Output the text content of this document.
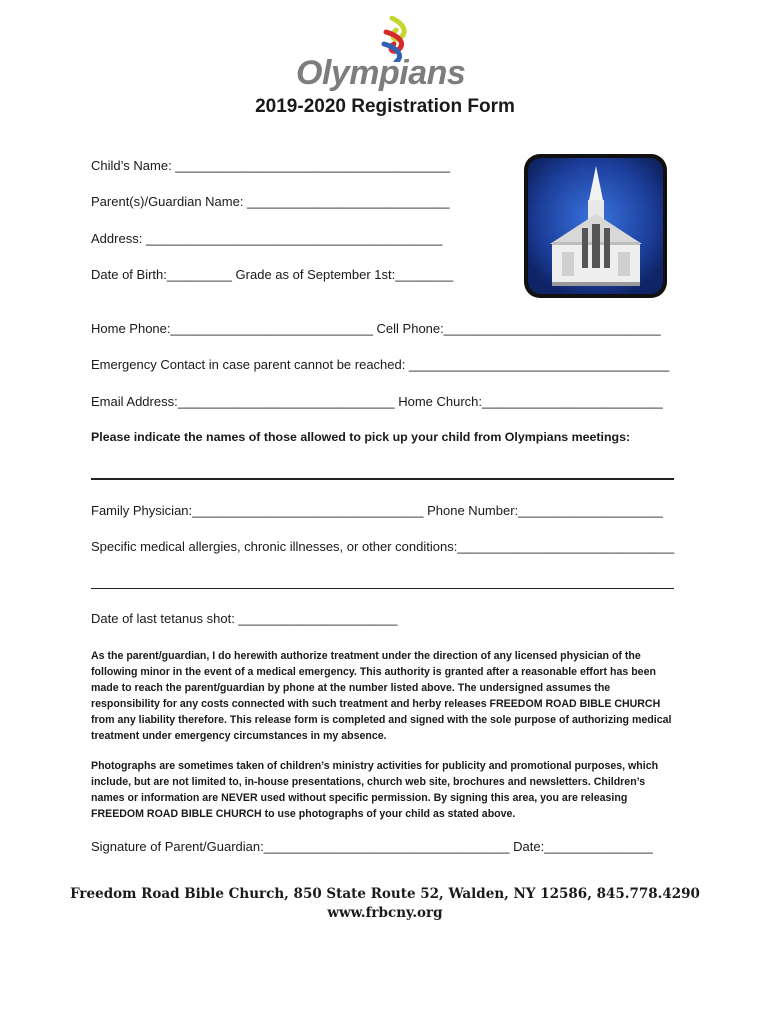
Olympians
2019-2020 Registration Form
Child’s Name: ______________________________________
Parent(s)/Guardian Name: ____________________________
Address: _________________________________________
Date of Birth:_________ Grade as of September 1st:________
Home Phone:____________________________ Cell Phone:______________________________
Emergency Contact in case parent cannot be reached: ____________________________________
Email Address:______________________________ Home Church:_________________________
Please indicate the names of those allowed to pick up your child from Olympians meetings:
Family Physician:________________________________ Phone Number:____________________
Specific medical allergies, chronic illnesses, or other conditions:______________________________
Date of last tetanus shot: ______________________
As the parent/guardian, I do herewith authorize treatment under the direction of any licensed physician of the following minor in the event of a medical emergency. This authority is granted after a reasonable effort has been made to reach the parent/guardian by phone at the number listed above. The undersigned assumes the responsibility for any costs connected with such treatment and herby releases FREEDOM ROAD BIBLE CHURCH from any liability therefore. This release form is completed and signed with the sole purpose of authorizing medical treatment under emergency circumstances in my absence.
Photographs are sometimes taken of children’s ministry activities for publicity and promotional purposes, which include, but are not limited to, in-house presentations, church web site, brochures and newsletters. Children’s names or information are NEVER used without specific permission. By signing this area, you are releasing FREEDOM ROAD BIBLE CHURCH to use photographs of your child as stated above.
Signature of Parent/Guardian:__________________________________ Date:_______________
Freedom Road Bible Church, 850 State Route 52, Walden, NY 12586, 845.778.4290
www.frbcny.org
